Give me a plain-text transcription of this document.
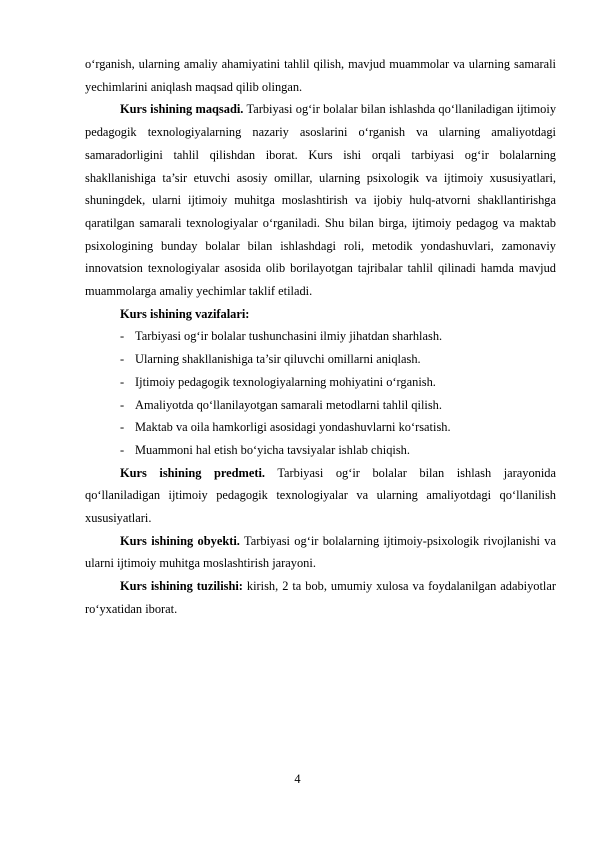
o‘rganish, ularning amaliy ahamiyatini tahlil qilish, mavjud muammolar va ularning samarali yechimlarini aniqlash maqsad qilib olingan.

Kurs ishining maqsadi. Tarbiyasi og‘ir bolalar bilan ishlashda qo‘llaniladigan ijtimoiy pedagogik texnologiyalarning nazariy asoslarini o‘rganish va ularning amaliyotdagi samaradorligini tahlil qilishdan iborat. Kurs ishi orqali tarbiyasi og‘ir bolalarning shakllanishiga ta’sir etuvchi asosiy omillar, ularning psixologik va ijtimoiy xususiyatlari, shuningdek, ularni ijtimoiy muhitga moslashtirish va ijobiy hulq-atvorni shakllantirishga qaratilgan samarali texnologiyalar o‘rganiladi. Shu bilan birga, ijtimoiy pedagog va maktab psixologining bunday bolalar bilan ishlashdagi roli, metodik yondashuvlari, zamonaviy innovatsion texnologiyalar asosida olib borilayotgan tajribalar tahlil qilinadi hamda mavjud muammolarga amaliy yechimlar taklif etiladi.

Kurs ishining vazifalari:

- Tarbiyasi og‘ir bolalar tushunchasini ilmiy jihatdan sharhlash.
- Ularning shakllanishiga ta’sir qiluvchi omillarni aniqlash.
- Ijtimoiy pedagogik texnologiyalarning mohiyatini o‘rganish.
- Amaliyotda qo‘llanilayotgan samarali metodlarni tahlil qilish.
- Maktab va oila hamkorligi asosidagi yondashuvlarni ko‘rsatish.
- Muammoni hal etish bo‘yicha tavsiyalar ishlab chiqish.

Kurs ishining predmeti. Tarbiyasi og‘ir bolalar bilan ishlash jarayonida qo‘llaniladigan ijtimoiy pedagogik texnologiyalar va ularning amaliyotdagi qo‘llanilish xususiyatlari.

Kurs ishining obyekti. Tarbiyasi og‘ir bolalarning ijtimoiy-psixologik rivojlanishi va ularni ijtimoiy muhitga moslashtirish jarayoni.

Kurs ishining tuzilishi: kirish, 2 ta bob, umumiy xulosa va foydalanilgan adabiyotlar ro‘yxatidan iborat.

4
